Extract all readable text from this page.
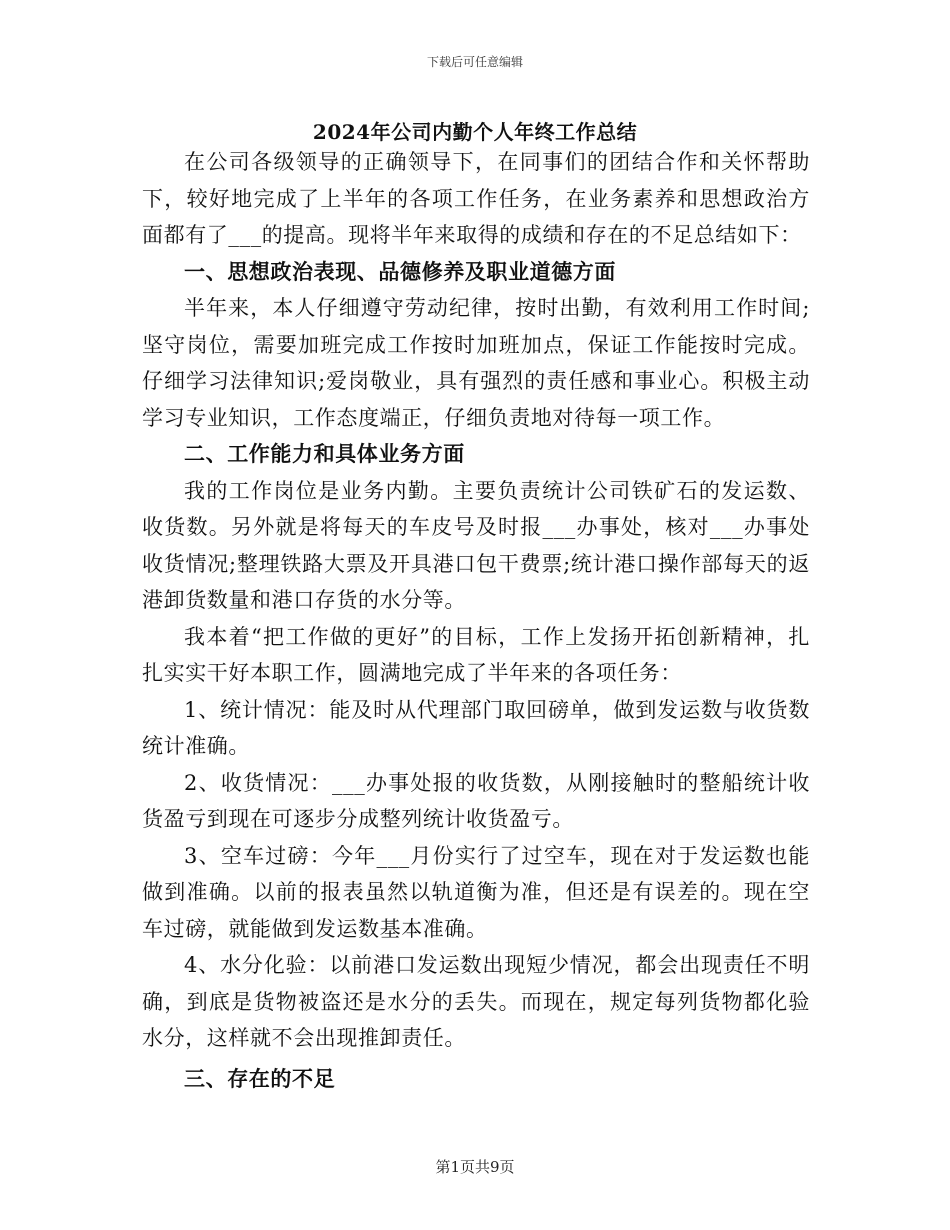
下载后可任意编辑
2024年公司内勤个人年终工作总结

在公司各级领导的正确领导下，在同事们的团结合作和关怀帮助下，较好地完成了上半年的各项工作任务，在业务素养和思想政治方面都有了___的提高。现将半年来取得的成绩和存在的不足总结如下：

一、思想政治表现、品德修养及职业道德方面

半年来，本人仔细遵守劳动纪律，按时出勤，有效利用工作时间;坚守岗位，需要加班完成工作按时加班加点，保证工作能按时完成。仔细学习法律知识;爱岗敬业，具有强烈的责任感和事业心。积极主动学习专业知识，工作态度端正，仔细负责地对待每一项工作。

二、工作能力和具体业务方面

我的工作岗位是业务内勤。主要负责统计公司铁矿石的发运数、收货数。另外就是将每天的车皮号及时报___办事处，核对___办事处收货情况;整理铁路大票及开具港口包干费票;统计港口操作部每天的返港卸货数量和港口存货的水分等。

我本着“把工作做的更好”的目标，工作上发扬开拓创新精神，扎扎实实干好本职工作，圆满地完成了半年来的各项任务：

1、统计情况：能及时从代理部门取回磅单，做到发运数与收货数统计准确。

2、收货情况：___办事处报的收货数，从刚接触时的整船统计收货盈亏到现在可逐步分成整列统计收货盈亏。

3、空车过磅：今年___月份实行了过空车，现在对于发运数也能做到准确。以前的报表虽然以轨道衡为准，但还是有误差的。现在空车过磅，就能做到发运数基本准确。

4、水分化验：以前港口发运数出现短少情况，都会出现责任不明确，到底是货物被盗还是水分的丢失。而现在，规定每列货物都化验水分，这样就不会出现推卸责任。

三、存在的不足
第1页共9页
